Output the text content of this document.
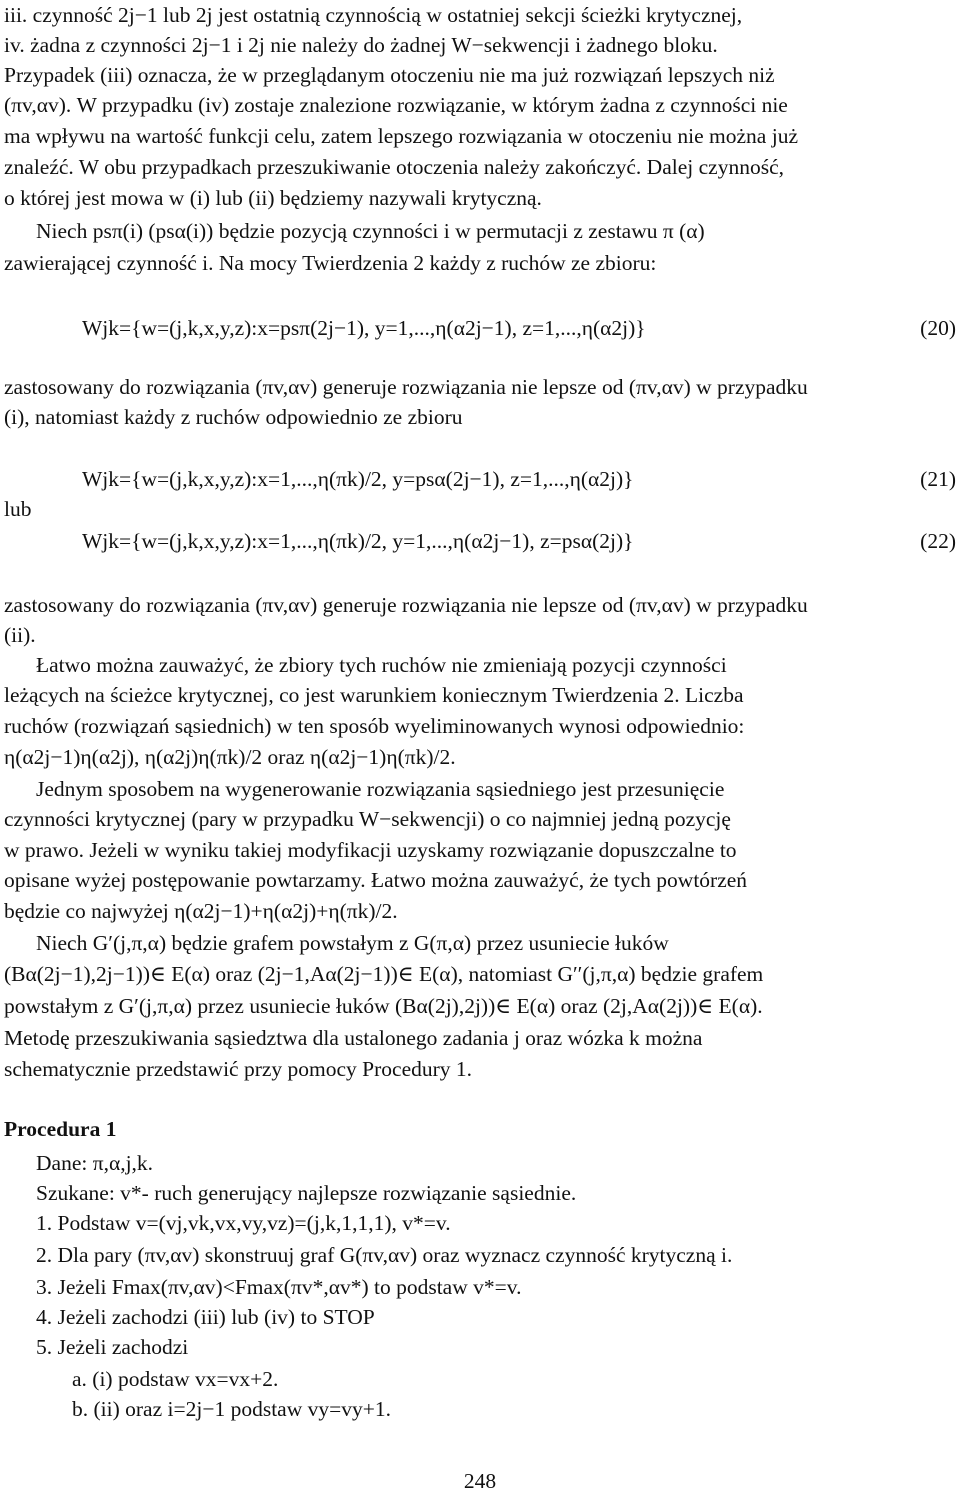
iii. czynność 2j−1 lub 2j jest ostatnią czynnością w ostatniej sekcji ścieżki krytycznej,
iv. żadna z czynności 2j−1 i 2j nie należy do żadnej W−sekwencji i żadnego bloku.
Przypadek (iii) oznacza, że w przeglądanym otoczeniu nie ma już rozwiązań lepszych niż
(πv,αv). W przypadku (iv) zostaje znalezione rozwiązanie, w którym żadna z czynności nie
ma wpływu na wartość funkcji celu, zatem lepszego rozwiązania w otoczeniu nie można już
znaleźć. W obu przypadkach przeszukiwanie otoczenia należy zakończyć. Dalej czynność,
o której jest mowa w (i) lub (ii) będziemy nazywali krytyczną.
Niech psπ(i) (psα(i)) będzie pozycją czynności i w permutacji z zestawu π (α)
zawierającej czynność i. Na mocy Twierdzenia 2 każdy z ruchów ze zbioru:
Wjk={w=(j,k,x,y,z):x=psπ(2j−1), y=1,...,η(α2j−1), z=1,...,η(α2j)}	(20)
zastosowany do rozwiązania (πv,αv) generuje rozwiązania nie lepsze od (πv,αv) w przypadku
(i), natomiast każdy z ruchów odpowiednio ze zbioru
Wjk={w=(j,k,x,y,z):x=1,...,η(πk)/2, y=psα(2j−1), z=1,...,η(α2j)}	(21)
lub
Wjk={w=(j,k,x,y,z):x=1,...,η(πk)/2, y=1,...,η(α2j−1), z=psα(2j)}	(22)
zastosowany do rozwiązania (πv,αv) generuje rozwiązania nie lepsze od (πv,αv) w przypadku
(ii).
Łatwo można zauważyć, że zbiory tych ruchów nie zmieniają pozycji czynności
leżących na ścieżce krytycznej, co jest warunkiem koniecznym Twierdzenia 2. Liczba
ruchów (rozwiązań sąsiednich) w ten sposób wyeliminowanych wynosi odpowiednio:
η(α2j−1)η(α2j), η(α2j)η(πk)/2 oraz η(α2j−1)η(πk)/2.
Jednym sposobem na wygenerowanie rozwiązania sąsiedniego jest przesunięcie
czynności krytycznej (pary w przypadku W−sekwencji) o co najmniej jedną pozycję
w prawo. Jeżeli w wyniku takiej modyfikacji uzyskamy rozwiązanie dopuszczalne to
opisane wyżej postępowanie powtarzamy. Łatwo można zauważyć, że tych powtórzeń
będzie co najwyżej η(α2j−1)+η(α2j)+η(πk)/2.
Niech G′(j,π,α) będzie grafem powstałym z G(π,α) przez usuniecie łuków
(Bα(2j−1),2j−1))∈ E(α) oraz (2j−1,Aα(2j−1))∈ E(α), natomiast G′′(j,π,α) będzie grafem
powstałym z G′(j,π,α) przez usuniecie łuków (Bα(2j),2j))∈ E(α) oraz (2j,Aα(2j))∈ E(α).
Metodę przeszukiwania sąsiedztwa dla ustalonego zadania j oraz wózka k można
schematycznie przedstawić przy pomocy Procedury 1.
Procedura 1
Dane: π,α,j,k.
Szukane: v*- ruch generujący najlepsze rozwiązanie sąsiednie.
1. Podstaw v=(vj,vk,vx,vy,vz)=(j,k,1,1,1), v*=v.
2. Dla pary (πv,αv) skonstruuj graf G(πv,αv) oraz wyznacz czynność krytyczną i.
3. Jeżeli Fmax(πv,αv)<Fmax(πv*,αv*) to podstaw v*=v.
4. Jeżeli zachodzi (iii) lub (iv) to STOP
5. Jeżeli zachodzi
a. (i) podstaw vx=vx+2.
b. (ii) oraz i=2j−1 podstaw vy=vy+1.
248
